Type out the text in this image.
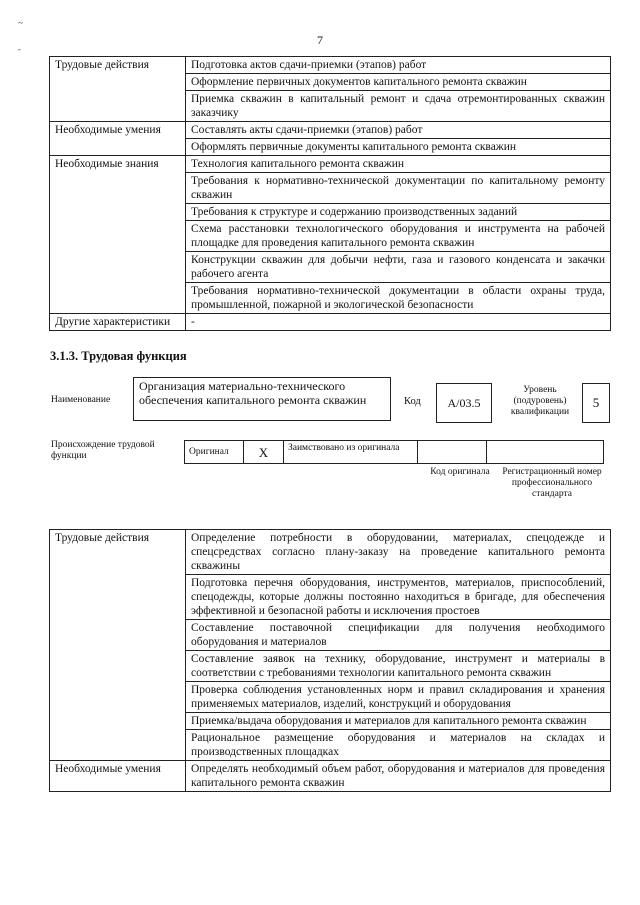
~
-
7
Трудовые действия	Подготовка актов сдачи-приемки (этапов) работ
	Оформление первичных документов капитального ремонта скважин
	Приемка скважин в капитальный ремонт и сдача отремонтированных скважин заказчику
Необходимые умения	Составлять акты сдачи-приемки (этапов) работ
	Оформлять первичные документы капитального ремонта скважин
Необходимые знания	Технология капитального ремонта скважин
	Требования к нормативно-технической документации по капитальному ремонту скважин
	Требования к структуре и содержанию производственных заданий
	Схема расстановки технологического оборудования и инструмента на рабочей площадке для проведения капитального ремонта скважин
	Конструкции скважин для добычи нефти, газа и газового конденсата и закачки рабочего агента
	Требования нормативно-технической документации в области охраны труда, промышленной, пожарной и экологической безопасности
Другие характеристики	-
3.1.3. Трудовая функция
Наименование
Организация материально-технического обеспечения капитального ремонта скважин	Код	A/03.5
Уровень (подуровень) квалификации
5
Происхождение трудовой функции	Оригинал	X	Заимствовано из оригинала
Код оригинала	Регистрационный номер профессионального стандарта
Трудовые действия	Определение потребности в оборудовании, материалах, спецодежде и спецсредствах согласно плану-заказу на проведение капитального ремонта скважины
	Подготовка перечня оборудования, инструментов, материалов, приспособлений, спецодежды, которые должны постоянно находиться в бригаде, для обеспечения эффективной и безопасной работы и исключения простоев
	Составление поставочной спецификации для получения необходимого оборудования и материалов
	Составление заявок на технику, оборудование, инструмент и материалы в соответствии с требованиями технологии капитального ремонта скважин
	Проверка соблюдения установленных норм и правил складирования и хранения применяемых материалов, изделий, конструкций и оборудования
	Приемка/выдача оборудования и материалов для капитального ремонта скважин
	Рациональное размещение оборудования и материалов на складах и производственных площадках
Необходимые умения	Определять необходимый объем работ, оборудования и материалов для проведения капитального ремонта скважин
